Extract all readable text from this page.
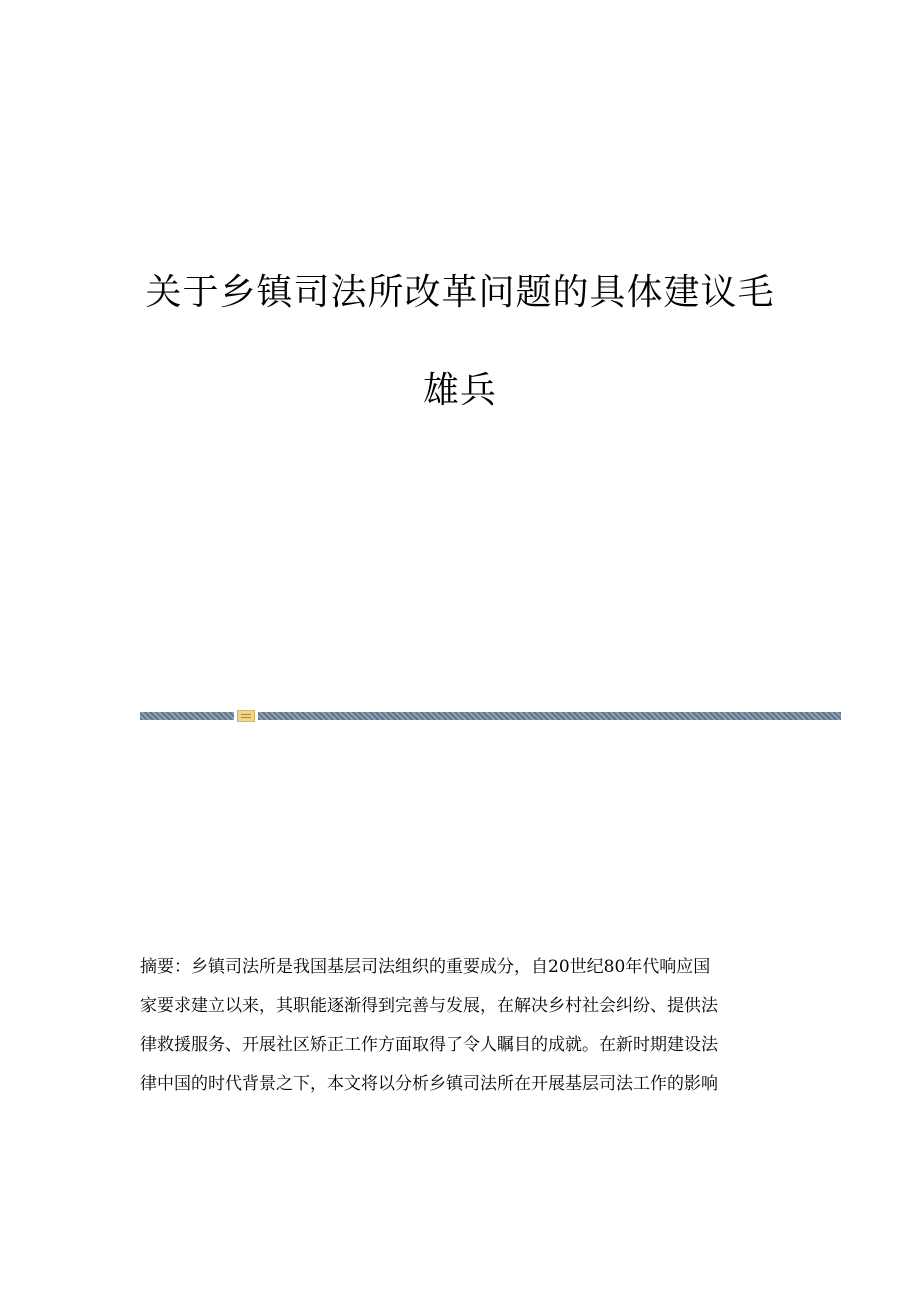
关于乡镇司法所改革问题的具体建议毛
雄兵
摘要：乡镇司法所是我国基层司法组织的重要成分，自20世纪80年代响应国
家要求建立以来，其职能逐渐得到完善与发展，在解决乡村社会纠纷、提供法
律救援服务、开展社区矫正工作方面取得了令人瞩目的成就。在新时期建设法
律中国的时代背景之下，本文将以分析乡镇司法所在开展基层司法工作的影响
